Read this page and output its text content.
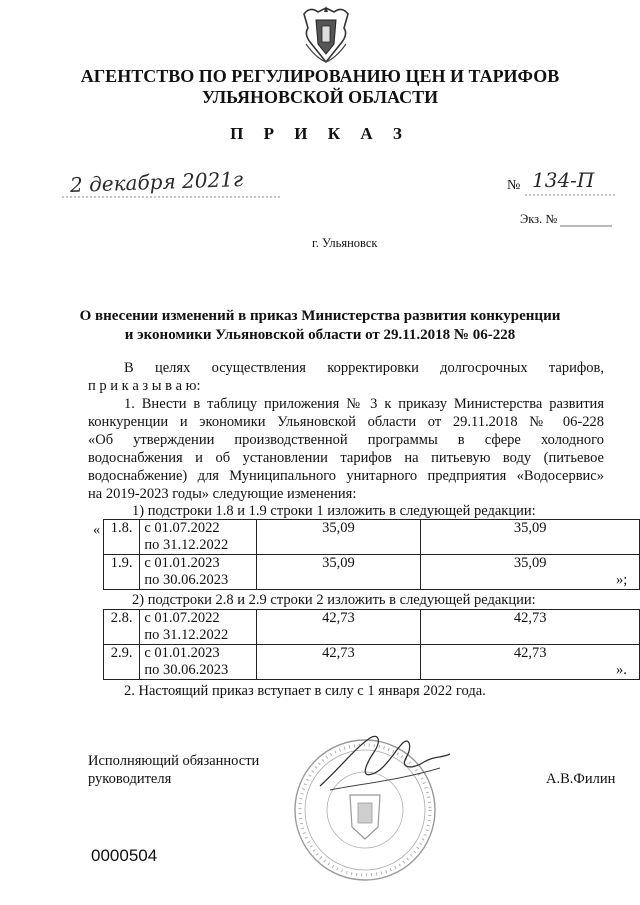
АГЕНТСТВО ПО РЕГУЛИРОВАНИЮ ЦЕН И ТАРИФОВ
УЛЬЯНОВСКОЙ ОБЛАСТИ
П Р И К А З
2 декабря 2021г	№ 134-П
Экз. №
г. Ульяновск
О внесении изменений в приказ Министерства развития конкуренции
и экономики Ульяновской области от 29.11.2018 № 06-228
В целях осуществления корректировки долгосрочных тарифов,
п р и к а з ы в а ю:
1. Внести в таблицу приложения № 3 к приказу Министерства развития
конкуренции и экономики Ульяновской области от 29.11.2018 № 06-228
«Об утверждении производственной программы в сфере холодного
водоснабжения и об установлении тарифов на питьевую воду (питьевое
водоснабжение) для Муниципального унитарного предприятия «Водосервис»
на 2019-2023 годы» следующие изменения:
1) подстроки 1.8 и 1.9 строки 1 изложить в следующей редакции:
« 1.8.	с 01.07.2022
по 31.12.2022	35,09	35,09
1.9.	с 01.01.2023
по 30.06.2023	35,09	35,09
»;
2) подстроки 2.8 и 2.9 строки 2 изложить в следующей редакции:
2.8.	с 01.07.2022
по 31.12.2022	42,73	42,73
2.9.	с 01.01.2023
по 30.06.2023	42,73	42,73
».
2. Настоящий приказ вступает в силу с 1 января 2022 года.
Исполняющий обязанности
руководителя	А.В.Филин
0000504
